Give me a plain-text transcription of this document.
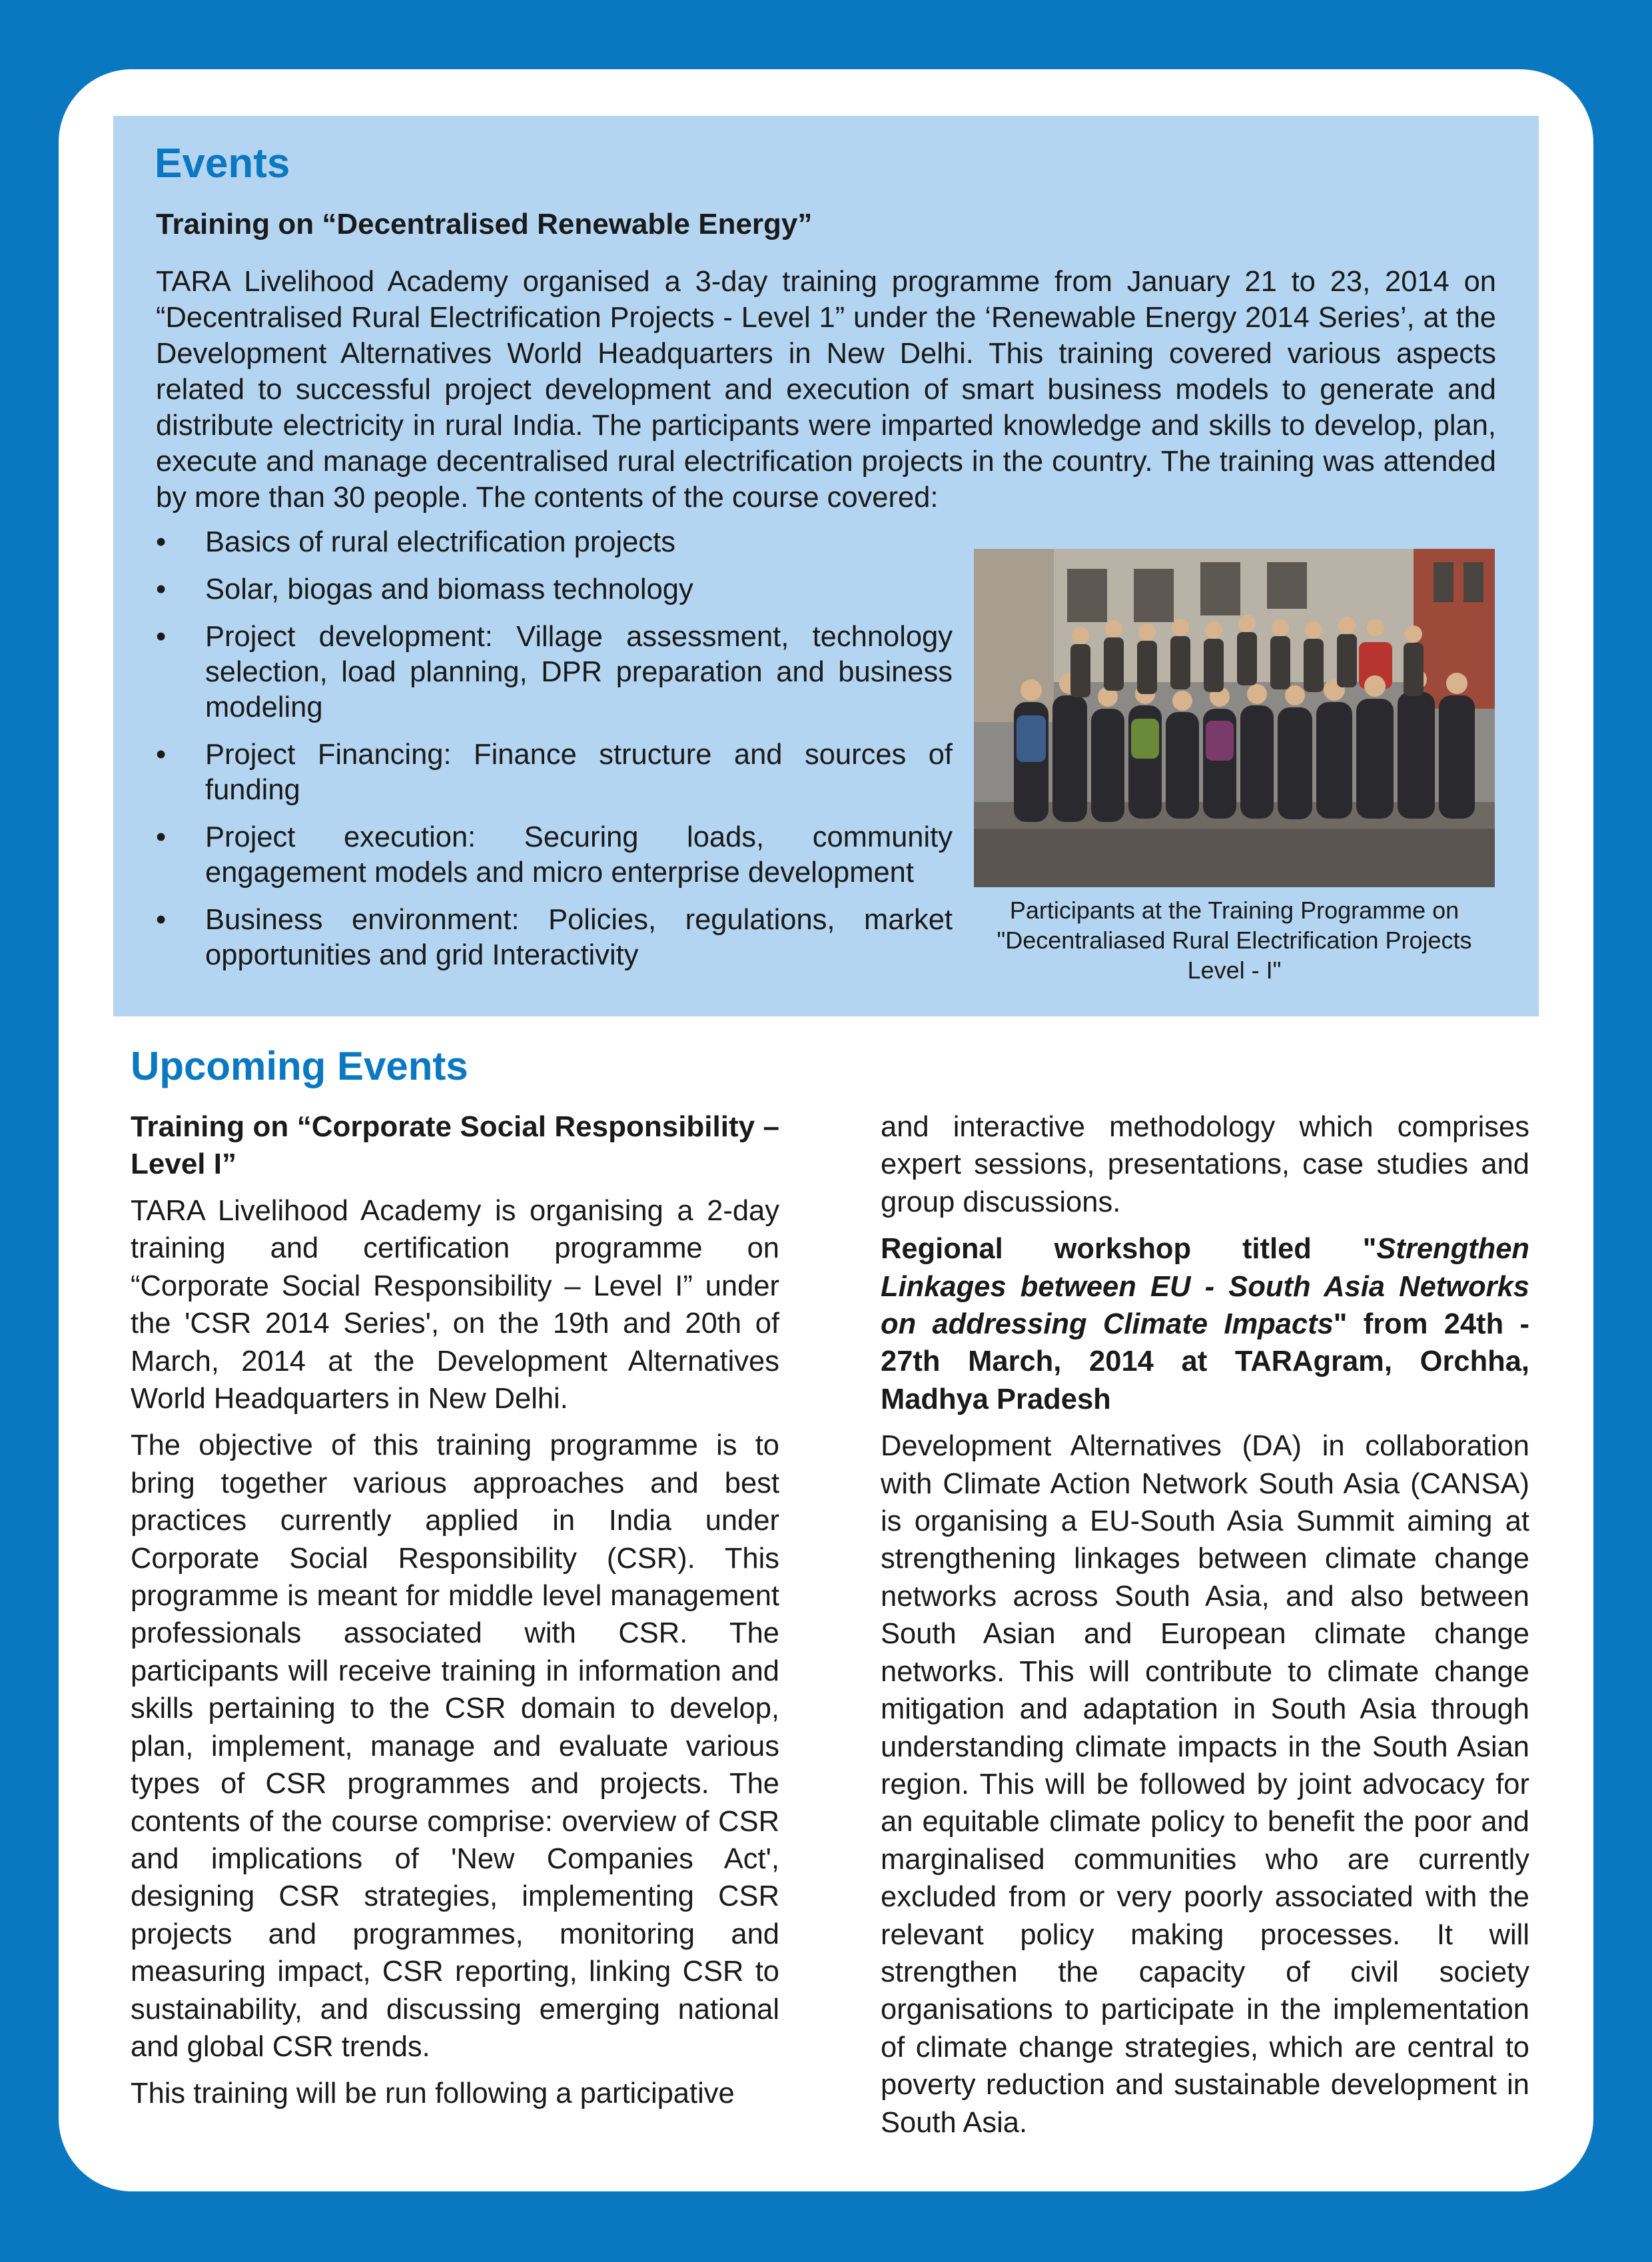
Events
Training on “Decentralised Renewable Energy”

TARA Livelihood Academy organised a 3-day training programme from January 21 to 23, 2014 on “Decentralised Rural Electrification Projects - Level 1” under the ‘Renewable Energy 2014 Series’, at the Development Alternatives World Headquarters in New Delhi. This training covered various aspects related to successful project development and execution of smart business models to generate and distribute electricity in rural India. The participants were imparted knowledge and skills to develop, plan, execute and manage decentralised rural electrification projects in the country. The training was attended by more than 30 people. The contents of the course covered:

•	Basics of rural electrification projects
•	Solar, biogas and biomass technology
•	Project development: Village assessment, technology selection, load planning, DPR preparation and business modeling
•	Project Financing: Finance structure and sources of funding
•	Project execution: Securing loads, community engagement models and micro enterprise development
•	Business environment: Policies, regulations, market opportunities and grid Interactivity

Participants at the Training Programme on "Decentraliased Rural Electrification Projects Level - I"

Upcoming Events
Training on “Corporate Social Responsibility – Level I”

TARA Livelihood Academy is organising a 2-day training and certification programme on “Corporate Social Responsibility – Level I” under the 'CSR 2014 Series', on the 19th and 20th of March, 2014 at the Development Alternatives World Headquarters in New Delhi.

The objective of this training programme is to bring together various approaches and best practices currently applied in India under Corporate Social Responsibility (CSR). This programme is meant for middle level management professionals associated with CSR. The participants will receive training in information and skills pertaining to the CSR domain to develop, plan, implement, manage and evaluate various types of CSR programmes and projects. The contents of the course comprise: overview of CSR and implications of 'New Companies Act', designing CSR strategies, implementing CSR projects and programmes, monitoring and measuring impact, CSR reporting, linking CSR to sustainability, and discussing emerging national and global CSR trends.

This training will be run following a participative

and interactive methodology which comprises expert sessions, presentations, case studies and group discussions.

Regional workshop titled "Strengthen Linkages between EU - South Asia Networks on addressing Climate Impacts" from 24th - 27th March, 2014 at TARAgram, Orchha, Madhya Pradesh

Development Alternatives (DA) in collaboration with Climate Action Network South Asia (CANSA) is organising a EU-South Asia Summit aiming at strengthening linkages between climate change networks across South Asia, and also between South Asian and European climate change networks. This will contribute to climate change mitigation and adaptation in South Asia through understanding climate impacts in the South Asian region. This will be followed by joint advocacy for an equitable climate policy to benefit the poor and marginalised communities who are currently excluded from or very poorly associated with the relevant policy making processes. It will strengthen the capacity of civil society organisations to participate in the implementation of climate change strategies, which are central to poverty reduction and sustainable development in South Asia.
